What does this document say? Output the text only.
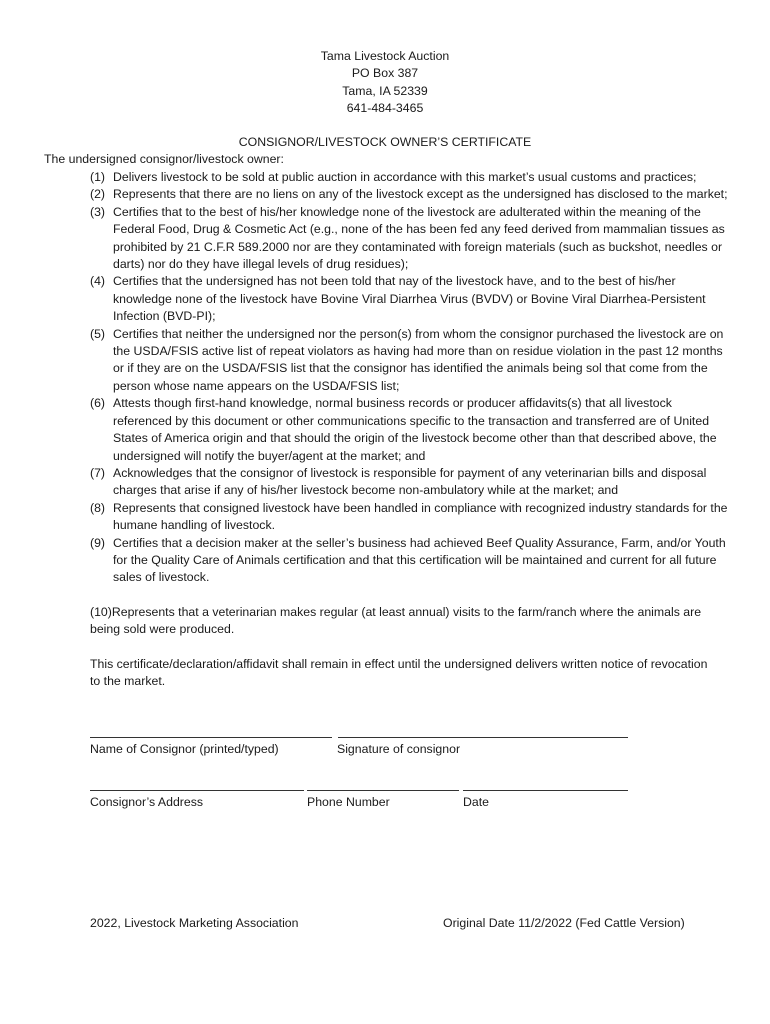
Tama Livestock Auction
PO Box 387
Tama, IA 52339
641-484-3465
CONSIGNOR/LIVESTOCK OWNER’S CERTIFICATE
The undersigned consignor/livestock owner:
(1) Delivers livestock to be sold at public auction in accordance with this market’s usual customs and practices;
(2) Represents that there are no liens on any of the livestock except as the undersigned has disclosed to the market;
(3) Certifies that to the best of his/her knowledge none of the livestock are adulterated within the meaning of the Federal Food, Drug & Cosmetic Act (e.g., none of the has been fed any feed derived from mammalian tissues as prohibited by 21 C.F.R 589.2000 nor are they contaminated with foreign materials (such as buckshot, needles or darts) nor do they have illegal levels of drug residues);
(4) Certifies that the undersigned has not been told that nay of the livestock have, and to the best of his/her knowledge none of the livestock have Bovine Viral Diarrhea Virus (BVDV) or Bovine Viral Diarrhea-Persistent Infection (BVD-PI);
(5) Certifies that neither the undersigned nor the person(s) from whom the consignor purchased the livestock are on the USDA/FSIS active list of repeat violators as having had more than on residue violation in the past 12 months or if they are on the USDA/FSIS list that the consignor has identified the animals being sol that come from the person whose name appears on the USDA/FSIS list;
(6) Attests though first-hand knowledge, normal business records or producer affidavits(s) that all livestock referenced by this document or other communications specific to the transaction and transferred are of United States of America origin and that should the origin of the livestock become other than that described above, the undersigned will notify the buyer/agent at the market; and
(7) Acknowledges that the consignor of livestock is responsible for payment of any veterinarian bills and disposal charges that arise if any of his/her livestock become non-ambulatory while at the market; and
(8) Represents that consigned livestock have been handled in compliance with recognized industry standards for the humane handling of livestock.
(9) Certifies that a decision maker at the seller’s business had achieved Beef Quality Assurance, Farm, and/or Youth for the Quality Care of Animals certification and that this certification will be maintained and current for all future sales of livestock.
(10)Represents that a veterinarian makes regular (at least annual) visits to the farm/ranch where the animals are being sold were produced.
This certificate/declaration/affidavit shall remain in effect until the undersigned delivers written notice of revocation to the market.
Name of Consignor (printed/typed)	Signature of consignor
Consignor’s Address	Phone Number	Date
2022, Livestock Marketing Association	Original Date 11/2/2022 (Fed Cattle Version)
